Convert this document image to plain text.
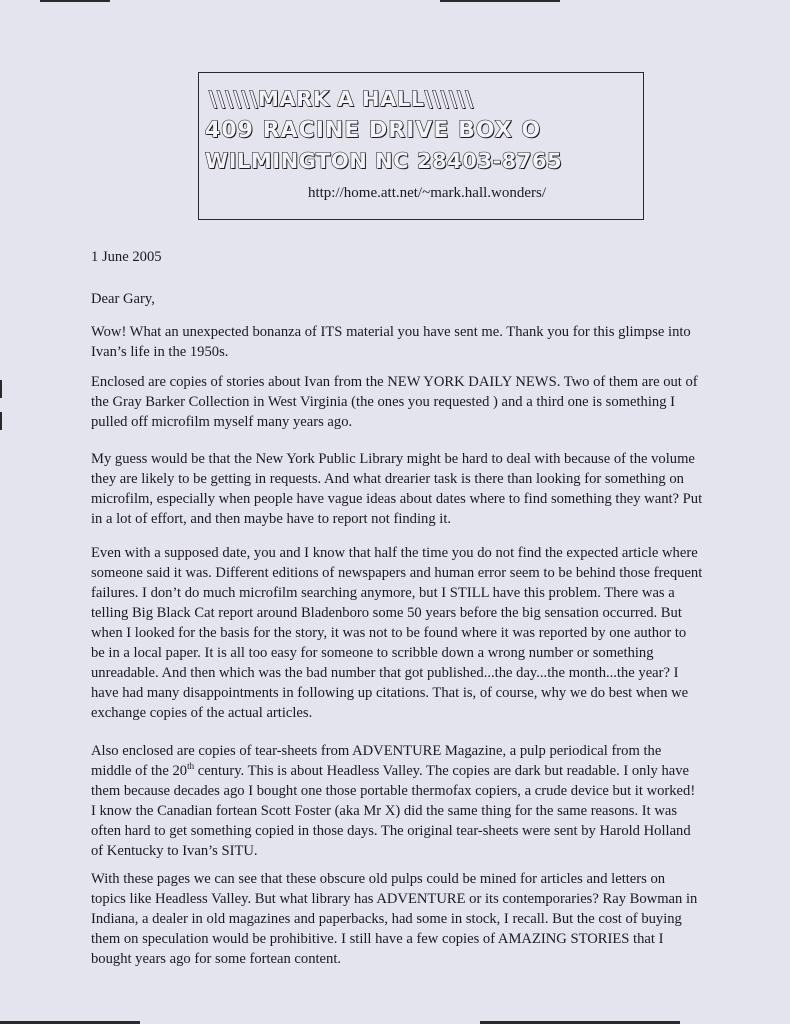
\\\\\\MARK A HALL\\\\\\
409 RACINE DRIVE BOX O
WILMINGTON NC 28403-8765
http://home.att.net/~mark.hall.wonders/

1 June 2005

Dear Gary,

Wow! What an unexpected bonanza of ITS material you have sent me. Thank you for this glimpse into Ivan’s life in the 1950s.

Enclosed are copies of stories about Ivan from the NEW YORK DAILY NEWS. Two of them are out of the Gray Barker Collection in West Virginia (the ones you requested ) and a third one is something I pulled off microfilm myself many years ago.

My guess would be that the New York Public Library might be hard to deal with because of the volume they are likely to be getting in requests. And what drearier task is there than looking for something on microfilm, especially when people have vague ideas about dates where to find something they want? Put in a lot of effort, and then maybe have to report not finding it.

Even with a supposed date, you and I know that half the time you do not find the expected article where someone said it was. Different editions of newspapers and human error seem to be behind those frequent failures. I don’t do much microfilm searching anymore, but I STILL have this problem. There was a telling Big Black Cat report around Bladenboro some 50 years before the big sensation occurred. But when I looked for the basis for the story, it was not to be found where it was reported by one author to be in a local paper. It is all too easy for someone to scribble down a wrong number or something unreadable. And then which was the bad number that got published...the day...the month...the year? I have had many disappointments in following up citations. That is, of course, why we do best when we exchange copies of the actual articles.

Also enclosed are copies of tear-sheets from ADVENTURE Magazine, a pulp periodical from the middle of the 20th century. This is about Headless Valley. The copies are dark but readable. I only have them because decades ago I bought one those portable thermofax copiers, a crude device but it worked! I know the Canadian fortean Scott Foster (aka Mr X) did the same thing for the same reasons. It was often hard to get something copied in those days. The original tear-sheets were sent by Harold Holland of Kentucky to Ivan’s SITU.

With these pages we can see that these obscure old pulps could be mined for articles and letters on topics like Headless Valley. But what library has ADVENTURE or its contemporaries? Ray Bowman in Indiana, a dealer in old magazines and paperbacks, had some in stock, I recall. But the cost of buying them on speculation would be prohibitive. I still have a few copies of AMAZING STORIES that I bought years ago for some fortean content.
